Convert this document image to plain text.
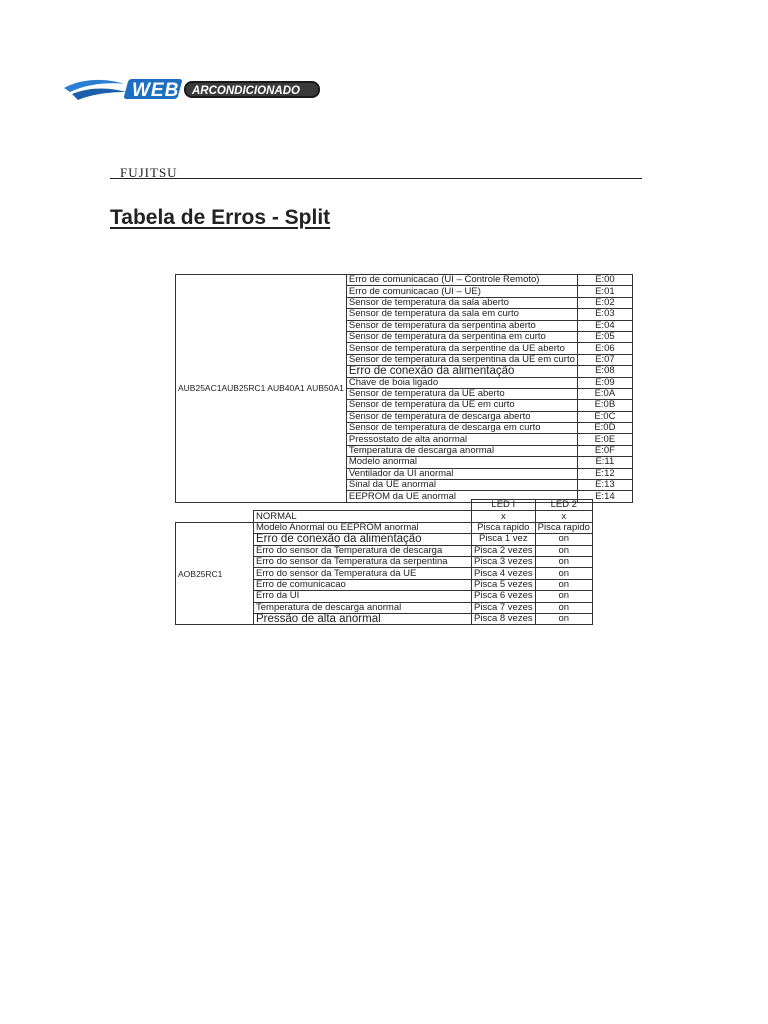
WEB ARCONDICIONADO
FUJITSU
Tabela de Erros - Split
AUB25AC1AUB25RC1 AUB40A1 AUB50A1	Erro de comunicacao (UI – Controle Remoto)	E:00
	Erro de comunicacao (UI – UE)	E:01
	Sensor de temperatura da sala aberto	E:02
	Sensor de temperatura da sala em curto	E:03
	Sensor de temperatura da serpentina aberto	E:04
	Sensor de temperatura da serpentina em curto	E:05
	Sensor de temperatura da serpentine da UE aberto	E:06
	Sensor de temperatura da serpentina da UE em curto	E:07
	Erro de conexão da alimentação	E:08
	Chave de boia ligado	E:09
	Sensor de temperatura da UE aberto	E:0A
	Sensor de temperatura da UE em curto	E:0B
	Sensor de temperatura de descarga aberto	E:0C
	Sensor de temperatura de descarga em curto	E:0D
	Pressostato de alta anormal	E:0E
	Temperatura de descarga anormal	E:0F
	Modelo anormal	E:11
	Ventilador da UI anormal	E:12
	Sinal da UE anormal	E:13
	EEPROM da UE anormal	E:14
		LED I	LED 2
	NORMAL	x	x
AOB25RC1	Modelo Anormal ou EEPROM anormal	Pisca rapido	Pisca rapido
	Erro de conexão da alimentação	Pisca 1 vez	on
	Erro do sensor da Temperatura de descarga	Pisca 2 vezes	on
	Erro do sensor da Temperatura da serpentina	Pisca 3 vezes	on
	Erro do sensor da Temperatura da UE	Pisca 4 vezes	on
	Erro de comunicacao	Pisca 5 vezes	on
	Erro da UI	Pisca 6 vezes	on
	Temperatura de descarga anormal	Pisca 7 vezes	on
	Pressão de alta anormal	Pisca 8 vezes	on
